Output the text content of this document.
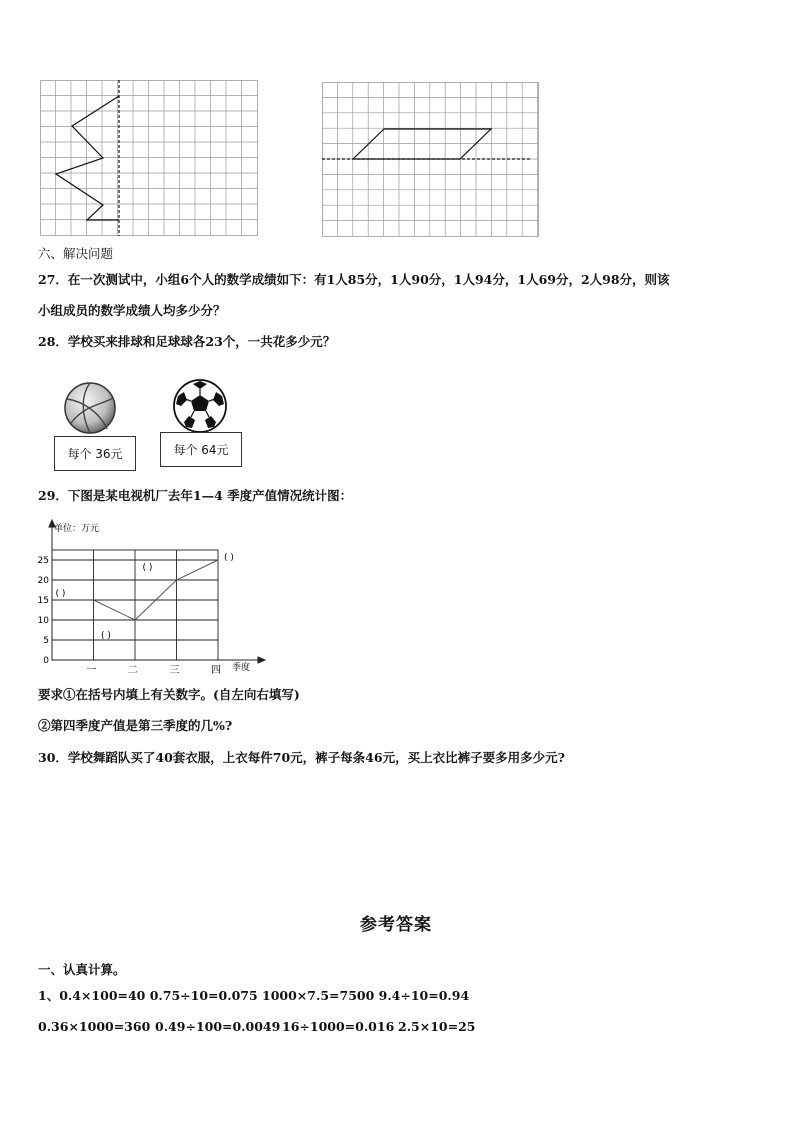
六、解决问题
27．在一次测试中，小组6个人的数学成绩如下：有1人85分，1人90分，1人94分，1人69分，2人98分，则该
小组成员的数学成绩人均多少分？
28．学校买来排球和足球球各23个，一共花多少元？
每个 36元	每个 64元
29．下图是某电视机厂去年1—4 季度产值情况统计图：
单位：万元
0
5
10
15
20
25
一	二	三	四 季度
( )
( )
( )
( )
要求①在括号内填上有关数字。(自左向右填写)
②第四季度产值是第三季度的几%?
30．学校舞蹈队买了40套衣服，上衣每件70元，裤子每条46元，买上衣比裤子要多用多少元?
参考答案
一、认真计算。
1、0.4×100=40 0.75÷10=0.075 1000×7.5=7500 9.4÷10=0.94
0.36×1000=360 0.49÷100=0.0049 16÷1000=0.016 2.5×10=25
